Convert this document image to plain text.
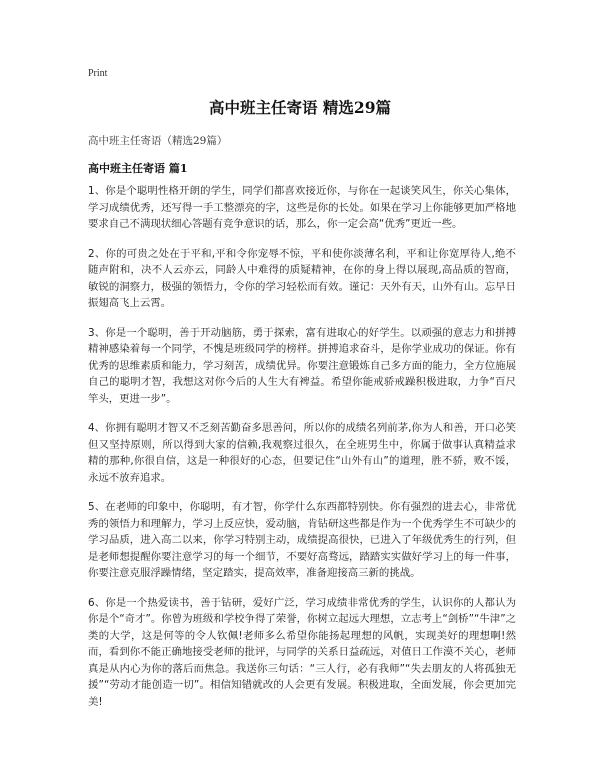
Print
高中班主任寄语 精选29篇
高中班主任寄语（精选29篇）
高中班主任寄语 篇1

1、你是个聪明性格开朗的学生，同学们都喜欢接近你，与你在一起谈笑风生，你关心集体，学习成绩优秀，还写得一手工整漂亮的字，这些是你的长处。如果在学习上你能够更加严格地要求自己不满现状细心答题有竞争意识的话，那么，你一定会高“优秀”更近一些。

2、你的可贵之处在于平和,平和令你宠辱不惊，平和使你淡薄名利，平和让你宽厚待人,绝不随声附和，决不人云亦云，同龄人中难得的质疑精神，在你的身上得以展现,高品质的智商，敏锐的洞察力，极强的领悟力，令你的学习轻松而有效。谨记：天外有天，山外有山。忘早日振翅高飞上云霄。

3、你是一个聪明，善于开动脑筋，勇于探索，富有进取心的好学生。以顽强的意志力和拼搏精神感染着每一个同学，不愧是班级同学的榜样。拼搏追求奋斗，是你学业成功的保证。你有优秀的思维素质和能力，学习刻苦，成绩优异。你要注意锻炼自己多方面的能力，全方位施展自己的聪明才智，我想这对你今后的人生大有裨益。希望你能戒骄戒躁积极进取，力争“百尺竿头，更进一步”。

4、你拥有聪明才智又不乏刻苦勤奋多思善问，所以你的成绩名列前茅,你为人和善，开口必笑但又坚持原则，所以得到大家的信赖,我观察过很久，在全班男生中，你属于做事认真精益求精的那种,你很自信，这是一种很好的心态，但要记住“山外有山”的道理，胜不骄，败不馁，永远不放弃追求。

5、在老师的印象中，你聪明，有才智，你学什么东西都特别快。你有强烈的进去心，非常优秀的领悟力和理解力，学习上反应快，爱动脑，肯钻研这些都是作为一个优秀学生不可缺少的学习品质，进入高二以来，你学习特别主动，成绩提高很快，已进入了年级优秀生的行列，但是老师想提醒你要注意学习的每一个细节，不要好高骛远，踏踏实实做好学习上的每一件事，你要注意克服浮躁情绪，坚定踏实，提高效率，准备迎接高三新的挑战。

6、你是一个热爱读书，善于钻研，爱好广泛，学习成绩非常优秀的学生，认识你的人都认为你是个“奇才”。你曾为班级和学校争得了荣誉，你树立起远大理想，立志考上“剑桥”“牛津”之类的大学，这是何等的令人钦佩!老师多么希望你能扬起理想的风帆，实现美好的理想啊!然而，看到你不能正确地接受老师的批评，与同学的关系日益疏远，对值日工作漠不关心，老师真是从内心为你的落后而焦急。我送你三句话：“三人行，必有我师”“失去朋友的人将孤独无援”“劳动才能创造一切”。相信知错就改的人会更有发展。积极进取，全面发展，你会更加完美!
